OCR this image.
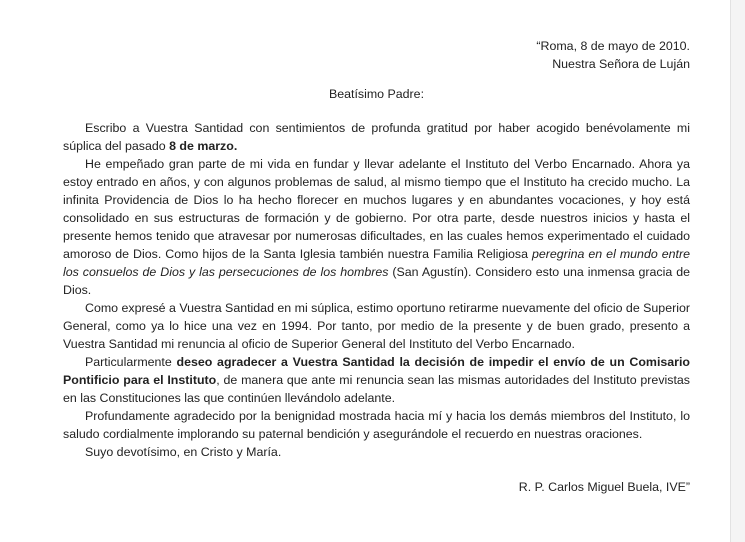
“Roma, 8 de mayo de 2010.
Nuestra Señora de Luján
Beatísimo Padre:

Escribo a Vuestra Santidad con sentimientos de profunda gratitud por haber acogido benévolamente mi súplica del pasado 8 de marzo.

He empeñado gran parte de mi vida en fundar y llevar adelante el Instituto del Verbo Encarnado. Ahora ya estoy entrado en años, y con algunos problemas de salud, al mismo tiempo que el Instituto ha crecido mucho. La infinita Providencia de Dios lo ha hecho florecer en muchos lugares y en abundantes vocaciones, y hoy está consolidado en sus estructuras de formación y de gobierno. Por otra parte, desde nuestros inicios y hasta el presente hemos tenido que atravesar por numerosas dificultades, en las cuales hemos experimentado el cuidado amoroso de Dios. Como hijos de la Santa Iglesia también nuestra Familia Religiosa peregrina en el mundo entre los consuelos de Dios y las persecuciones de los hombres (San Agustín). Considero esto una inmensa gracia de Dios.

Como expresé a Vuestra Santidad en mi súplica, estimo oportuno retirarme nuevamente del oficio de Superior General, como ya lo hice una vez en 1994. Por tanto, por medio de la presente y de buen grado, presento a Vuestra Santidad mi renuncia al oficio de Superior General del Instituto del Verbo Encarnado.

Particularmente deseo agradecer a Vuestra Santidad la decisión de impedir el envío de un Comisario Pontificio para el Instituto, de manera que ante mi renuncia sean las mismas autoridades del Instituto previstas en las Constituciones las que continúen llevándolo adelante.

Profundamente agradecido por la benignidad mostrada hacia mí y hacia los demás miembros del Instituto, lo saludo cordialmente implorando su paternal bendición y asegurándole el recuerdo en nuestras oraciones.

Suyo devotísimo, en Cristo y María.

R. P. Carlos Miguel Buela, IVE”
